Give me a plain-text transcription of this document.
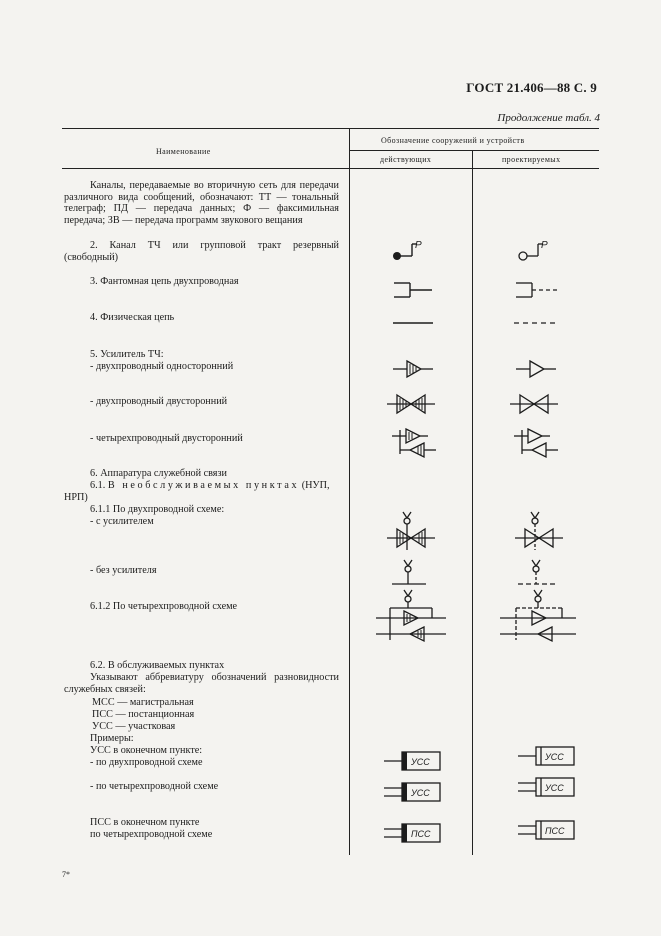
ГОСТ 21.406—88 С. 9
Продолжение табл. 4
Наименование
Обозначение сооружений и устройств
действующих	проектируемых
Каналы, передаваемые во вторичную сеть для передачи различного вида сообщений, обозначают: ТТ — тональный телеграф; ПД — передача данных; Ф — факсимильная передача; ЗВ — передача программ звукового вещания
2. Канал ТЧ или групповой тракт резервный (свободный)
3. Фантомная цепь двухпроводная
4. Физическая цепь
5. Усилитель ТЧ:
- двухпроводный односторонний
- двухпроводный двусторонний
- четырехпроводный двусторонний
6. Аппаратура служебной связи
6.1. В необслуживаемых пунктах (НУП, НРП)
6.1.1 По двухпроводной схеме:
- с усилителем
- без усилителя
6.1.2 По четырехпроводной схеме
6.2. В обслуживаемых пунктах
Указывают аббревиатуру обозначений разновидности служебных связей:
МСС — магистральная
ПСС — постанционная
УСС — участковая
Примеры:
УСС в оконечном пункте:
- по двухпроводной схеме
- по четырехпроводной схеме
ПСС в оконечном пункте
по четырехпроводной схеме
7*
Р
УСС
УСС
ПСС
Р
УСС
УСС
ПСС
